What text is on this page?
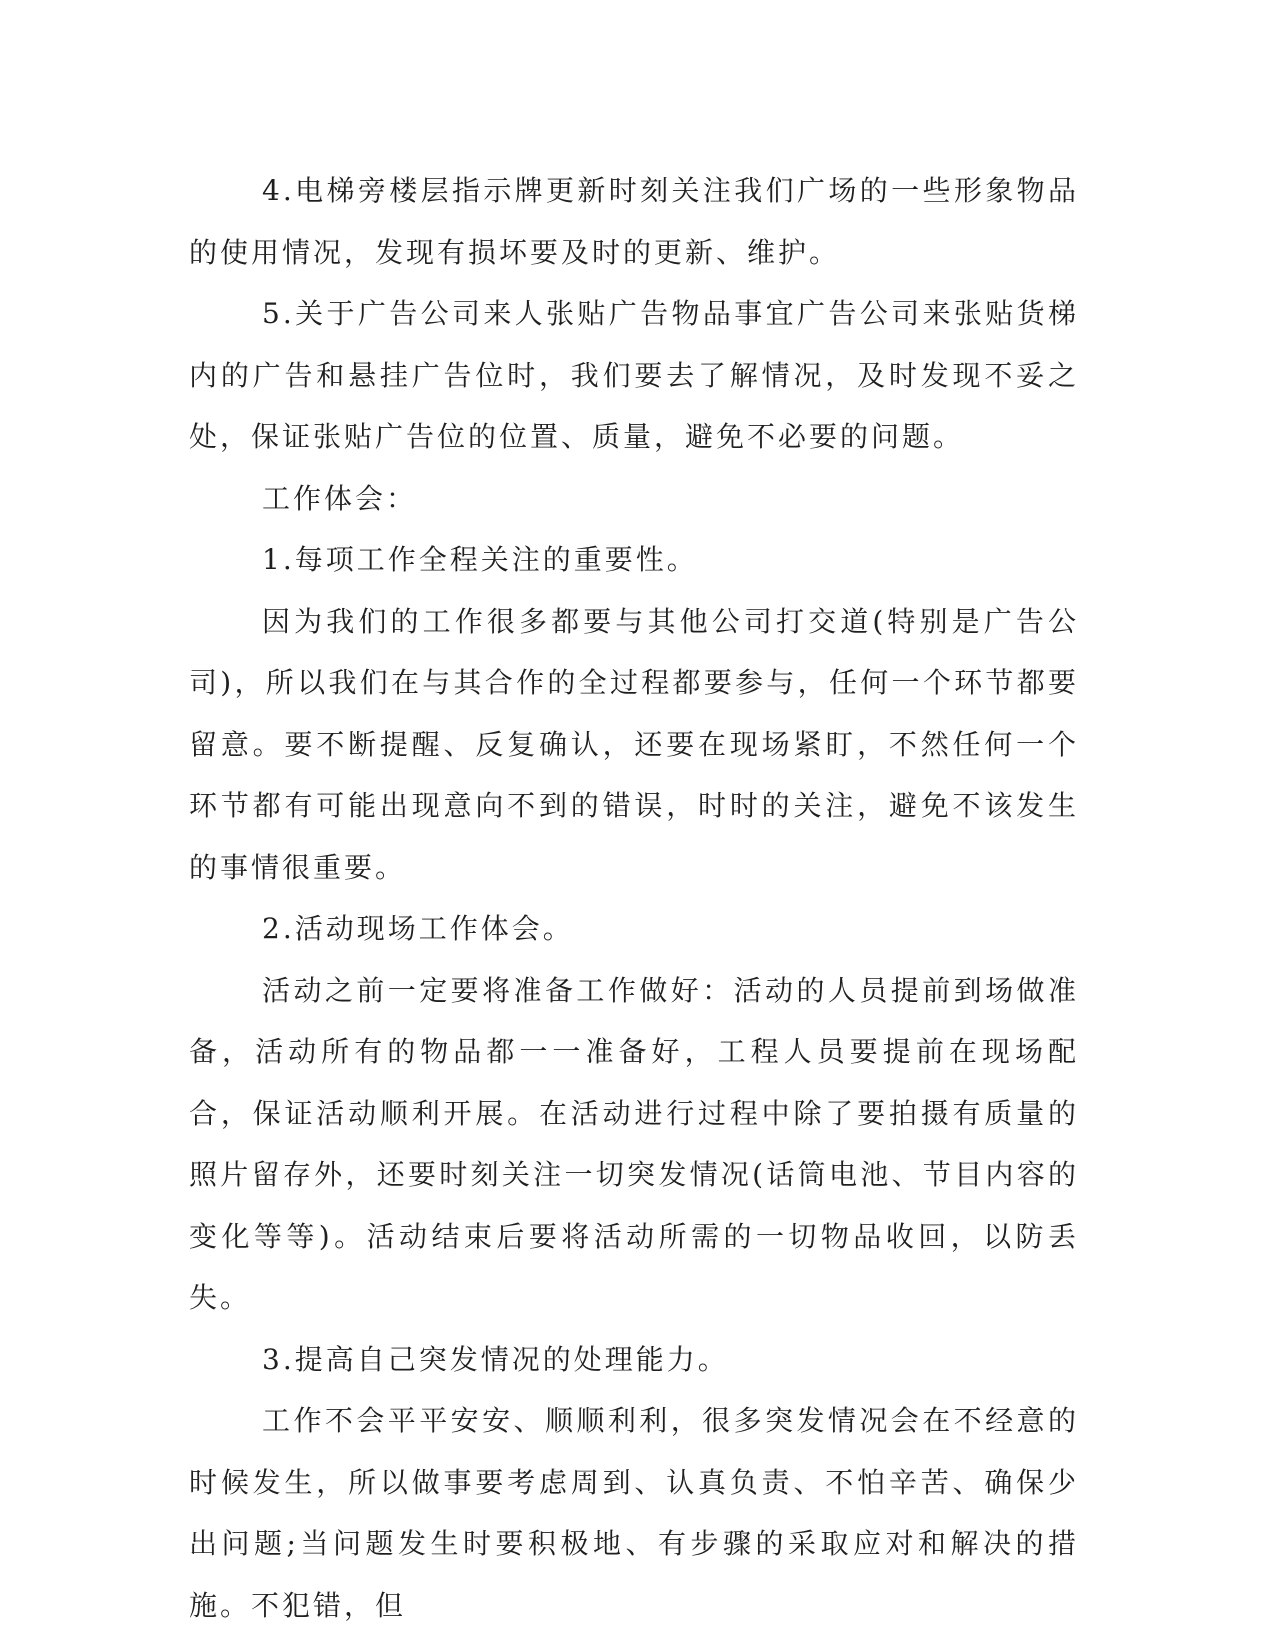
4.电梯旁楼层指示牌更新时刻关注我们广场的一些形象物品的使用情况，发现有损坏要及时的更新、维护。

5.关于广告公司来人张贴广告物品事宜广告公司来张贴货梯内的广告和悬挂广告位时，我们要去了解情况，及时发现不妥之处，保证张贴广告位的位置、质量，避免不必要的问题。

工作体会：

1.每项工作全程关注的重要性。

因为我们的工作很多都要与其他公司打交道(特别是广告公司)，所以我们在与其合作的全过程都要参与，任何一个环节都要留意。要不断提醒、反复确认，还要在现场紧盯，不然任何一个环节都有可能出现意向不到的错误，时时的关注，避免不该发生的事情很重要。

2.活动现场工作体会。

活动之前一定要将准备工作做好：活动的人员提前到场做准备，活动所有的物品都一一准备好，工程人员要提前在现场配合，保证活动顺利开展。在活动进行过程中除了要拍摄有质量的照片留存外，还要时刻关注一切突发情况(话筒电池、节目内容的变化等等)。活动结束后要将活动所需的一切物品收回，以防丢失。

3.提高自己突发情况的处理能力。

工作不会平平安安、顺顺利利，很多突发情况会在不经意的时候发生，所以做事要考虑周到、认真负责、不怕辛苦、确保少出问题;当问题发生时要积极地、有步骤的采取应对和解决的措施。不犯错，但
